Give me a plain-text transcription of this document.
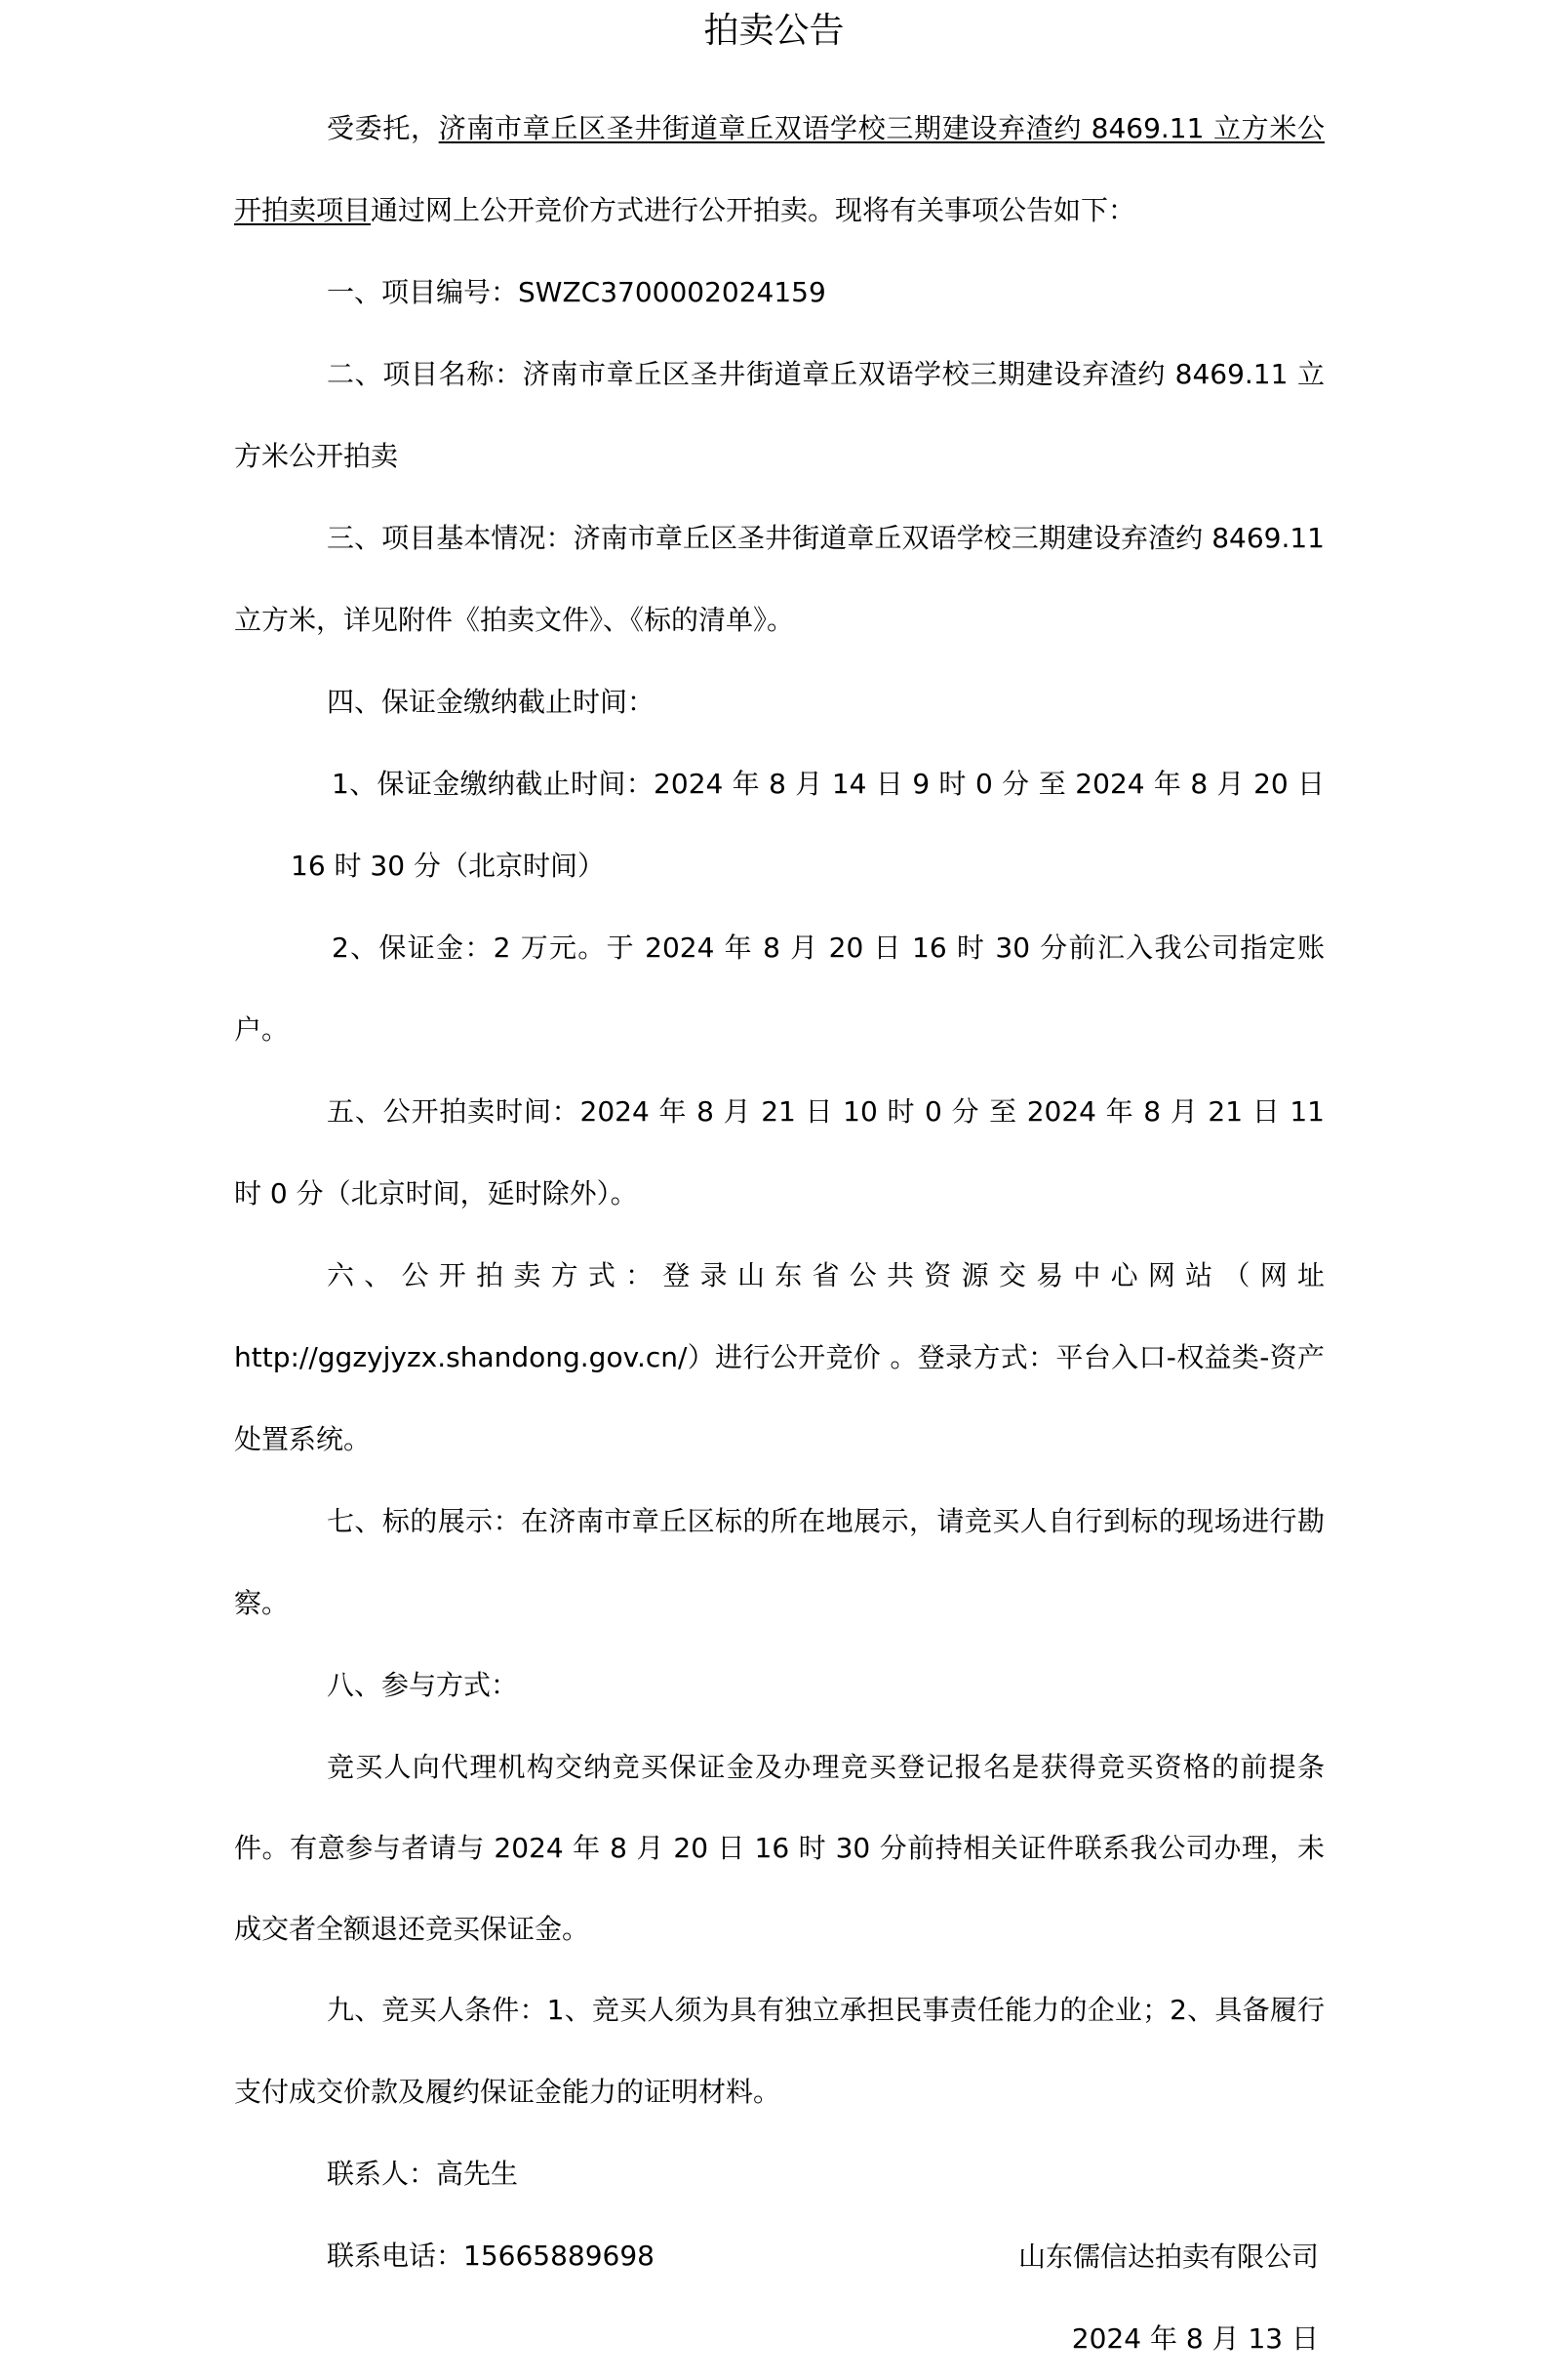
拍卖公告

受委托，济南市章丘区圣井街道章丘双语学校三期建设弃渣约 8469.11 立方米公开拍卖项目通过网上公开竞价方式进行公开拍卖。现将有关事项公告如下：

一、项目编号：SWZC3700002024159

二、项目名称：济南市章丘区圣井街道章丘双语学校三期建设弃渣约 8469.11 立方米公开拍卖

三、项目基本情况：济南市章丘区圣井街道章丘双语学校三期建设弃渣约 8469.11 立方米，详见附件《拍卖文件》、《标的清单》。

四、保证金缴纳截止时间：

1、保证金缴纳截止时间：2024 年 8 月 14 日 9 时 0 分 至 2024 年 8 月 20 日 16 时 30 分（北京时间）

2、保证金：2 万元。于 2024 年 8 月 20 日 16 时 30 分前汇入我公司指定账户。

五、公开拍卖时间：2024 年 8 月 21 日 10 时 0 分 至 2024 年 8 月 21 日 11 时 0 分（北京时间，延时除外）。

六、公开拍卖方式：登录山东省公共资源交易中心网站（网址 http://ggzyjyzx.shandong.gov.cn/）进行公开竞价 。登录方式：平台入口-权益类-资产处置系统。

七、标的展示：在济南市章丘区标的所在地展示，请竞买人自行到标的现场进行勘察。

八、参与方式：

竞买人向代理机构交纳竞买保证金及办理竞买登记报名是获得竞买资格的前提条件。有意参与者请与 2024 年 8 月 20 日 16 时 30 分前持相关证件联系我公司办理，未成交者全额退还竞买保证金。

九、竞买人条件：1、竞买人须为具有独立承担民事责任能力的企业；2、具备履行支付成交价款及履约保证金能力的证明材料。

联系人：高先生

联系电话：15665889698	山东儒信达拍卖有限公司

2024 年 8 月 13 日
